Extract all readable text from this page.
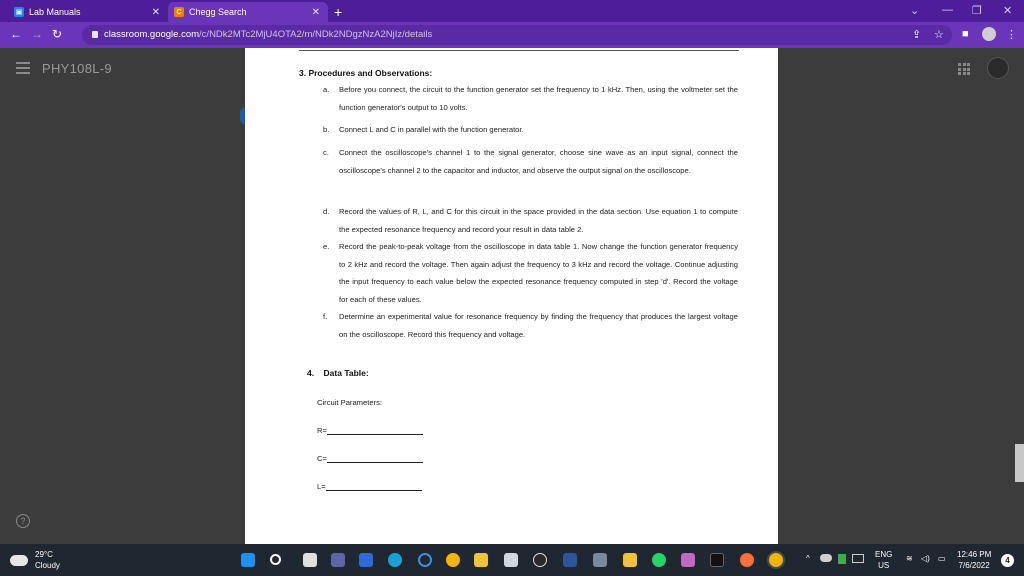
▣ Lab Manuals	✕	C Chegg Search	✕ +	⌄ — ❐ ✕
← → ↻	classroom.google.com/c/NDk2MTc2MjU4OTA2/m/NDk2NDgzNzA2NjIz/details	⇪ ☆ ■	⋮
PHY108L-9
?
3. Procedures and Observations:
a. Before you connect, the circuit to the function generator set the frequency to 1 kHz. Then, using the voltmeter set the function generator's output to 10 volts.
b. Connect L and C in parallel with the function generator.
c. Connect the oscilloscope's channel 1 to the signal generator, choose sine wave as an input signal, connect the oscilloscope's channel 2 to the capacitor and inductor, and observe the output signal on the oscilloscope.
d. Record the values of R, L, and C for this circuit in the space provided in the data section. Use equation 1 to compute the expected resonance frequency and record your result in data table 2.
e. Record the peak-to-peak voltage from the oscilloscope in data table 1. Now change the function generator frequency to 2 kHz and record the voltage. Then again adjust the frequency to 3 kHz and record the voltage. Continue adjusting the input frequency to each value below the expected resonance frequency computed in step 'd'. Record the voltage for each of these values.
f. Determine an experimental value for resonance frequency by finding the frequency that produces the largest voltage on the oscilloscope. Record this frequency and voltage.
4.    Data Table:
Circuit Parameters:
R=
C=
L=
29°C
Cloudy
^	ENG
US
≋ ◁) ▭ 12:46 PM
7/6/2022
4
